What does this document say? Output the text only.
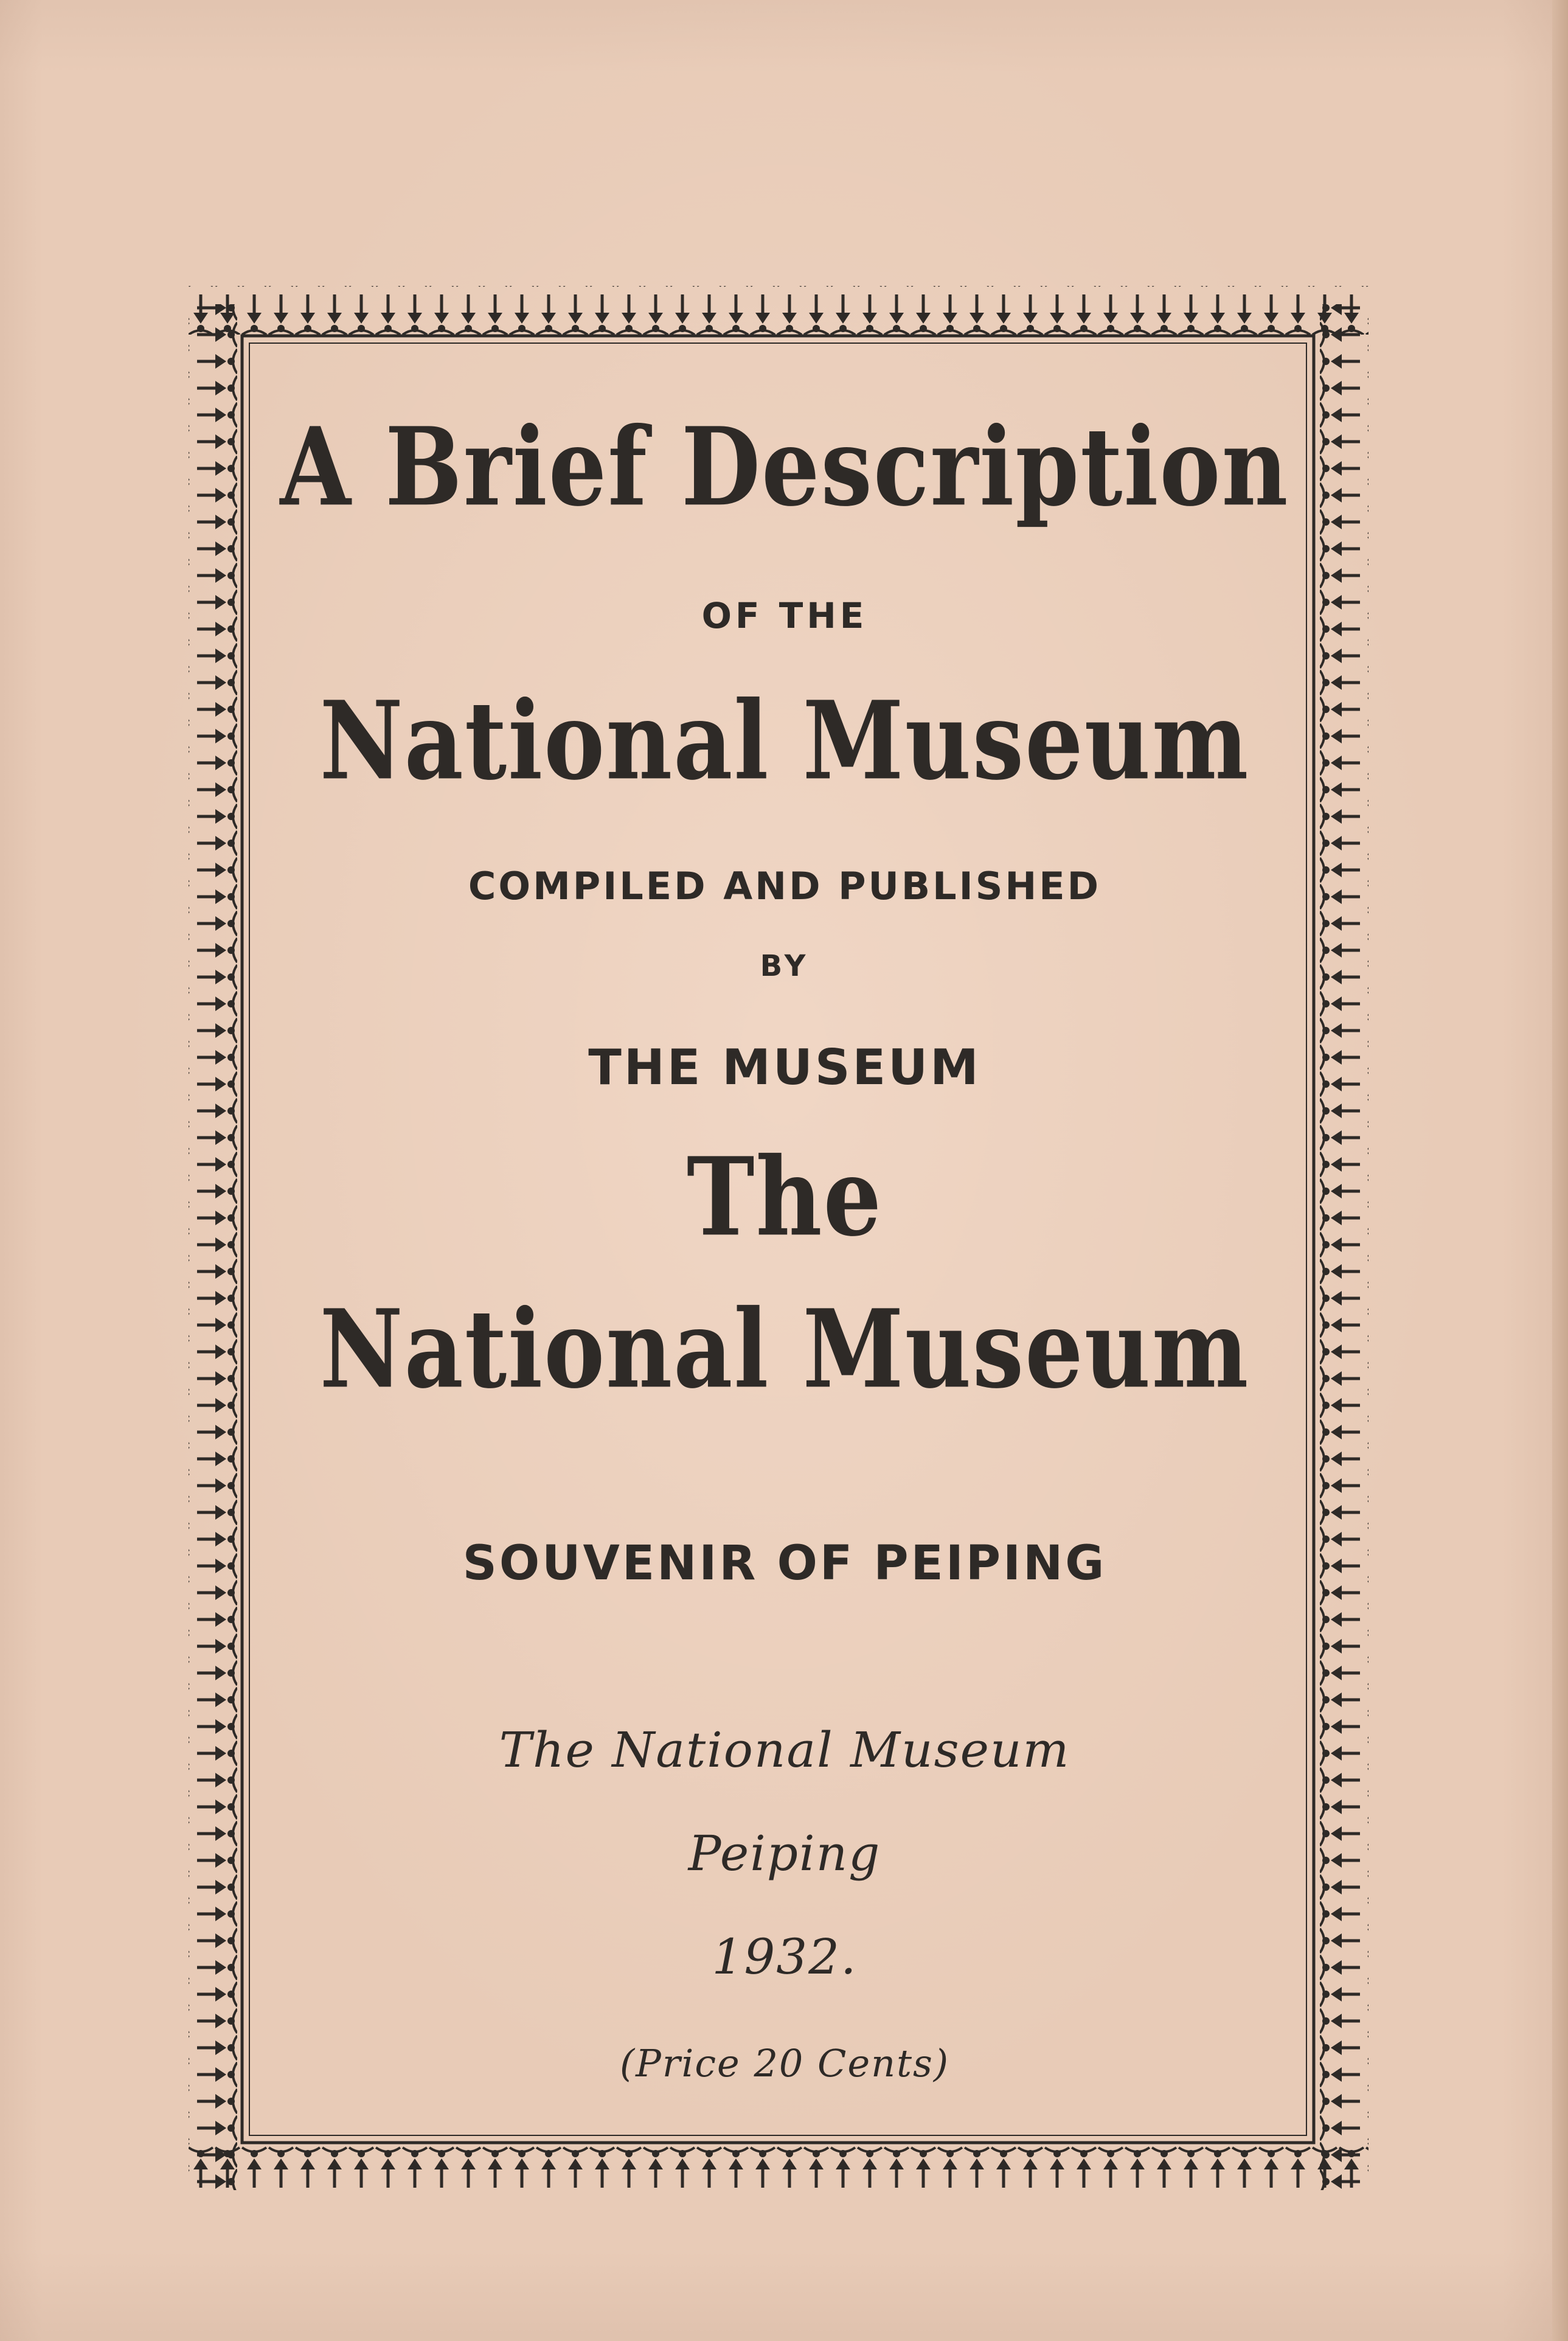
A Brief Description
OF THE
National Museum
COMPILED AND PUBLISHED
BY
THE MUSEUM
The
National Museum
SOUVENIR OF PEIPING
The National Museum
Peiping
1932.
(Price 20 Cents)
